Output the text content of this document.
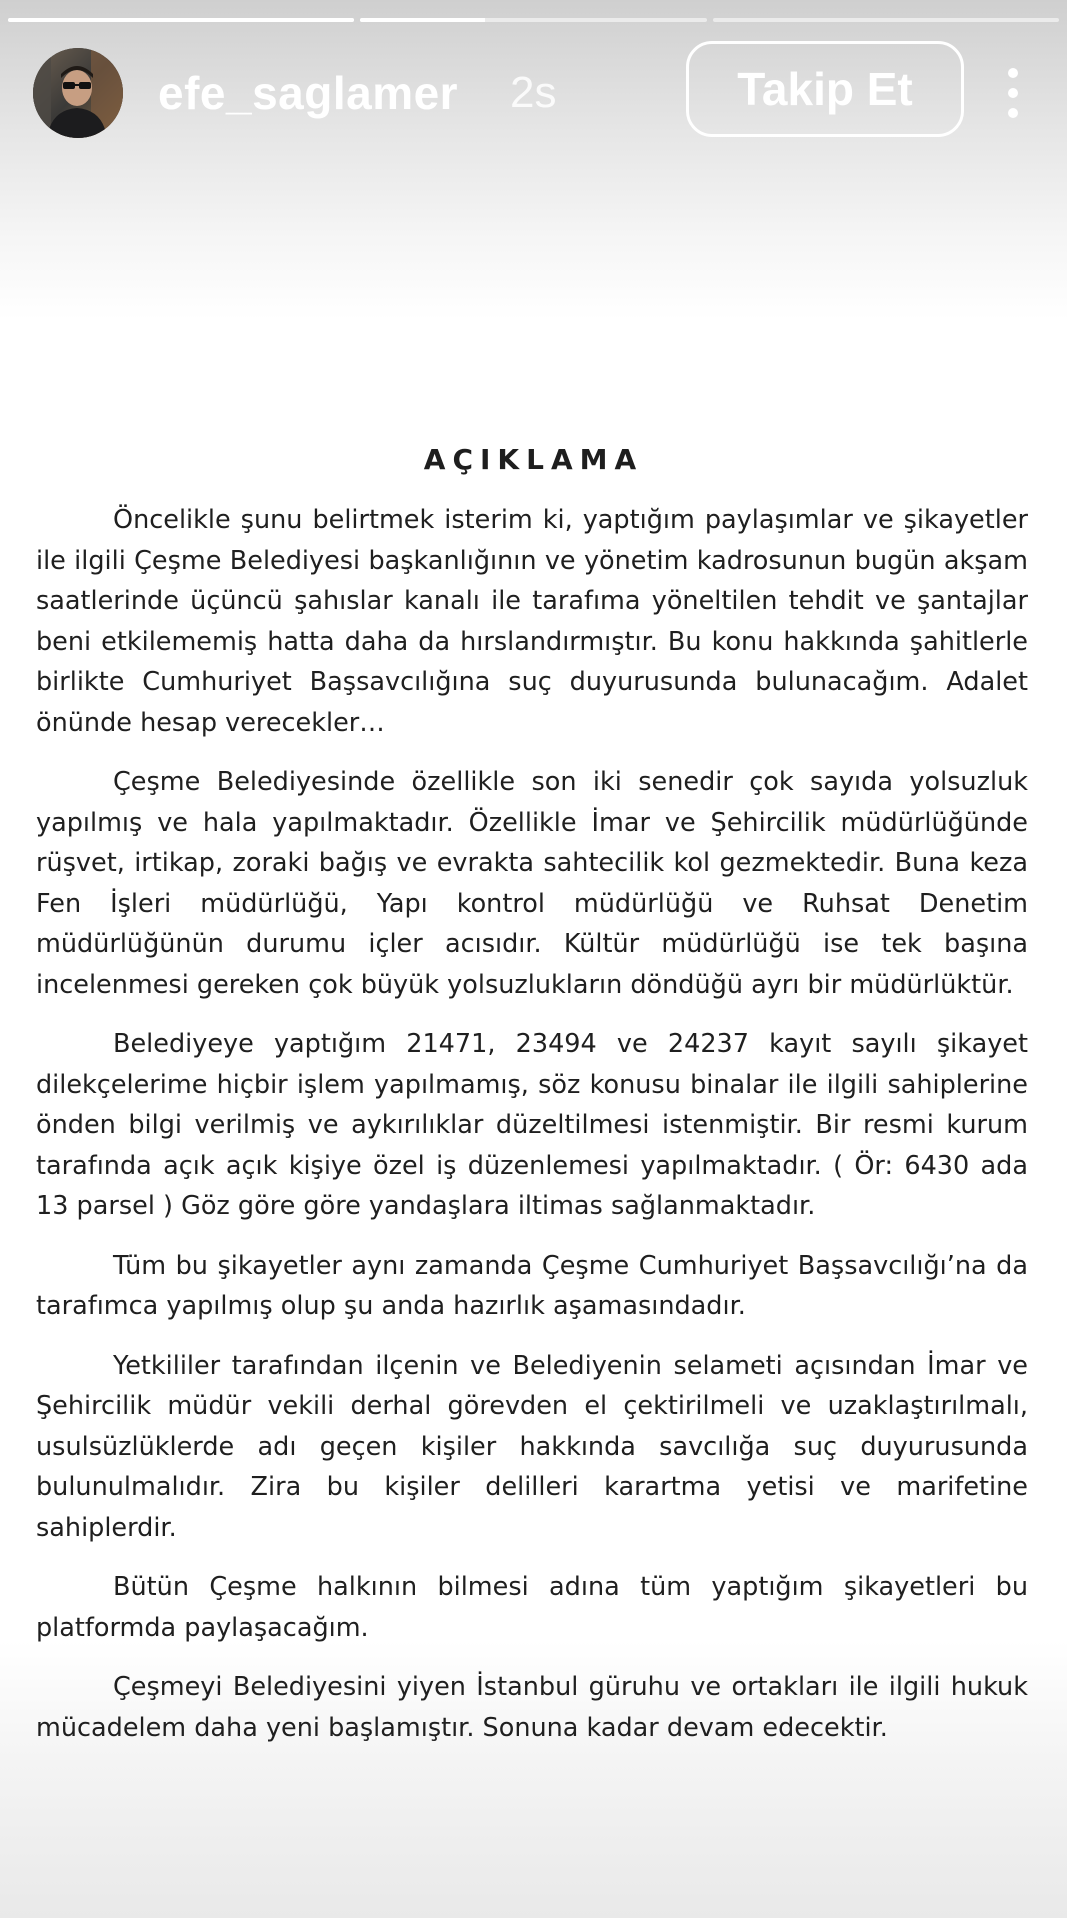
efe_saglamer 2s	Takip Et
AÇIKLAMA

Öncelikle şunu belirtmek isterim ki, yaptığım paylaşımlar ve şikayetler ile ilgili Çeşme Belediyesi başkanlığının ve yönetim kadrosunun bugün akşam saatlerinde üçüncü şahıslar kanalı ile tarafıma yöneltilen tehdit ve şantajlar beni etkilememiş hatta daha da hırslandırmıştır. Bu konu hakkında şahitlerle birlikte Cumhuriyet Başsavcılığına suç duyurusunda bulunacağım. Adalet önünde hesap verecekler…

Çeşme Belediyesinde özellikle son iki senedir çok sayıda yolsuzluk yapılmış ve hala yapılmaktadır. Özellikle İmar ve Şehircilik müdürlüğünde rüşvet, irtikap, zoraki bağış ve evrakta sahtecilik kol gezmektedir. Buna keza Fen İşleri müdürlüğü, Yapı kontrol müdürlüğü ve Ruhsat Denetim müdürlüğünün durumu içler acısıdır. Kültür müdürlüğü ise tek başına incelenmesi gereken çok büyük yolsuzlukların döndüğü ayrı bir müdürlüktür.

Belediyeye yaptığım 21471, 23494 ve 24237 kayıt sayılı şikayet dilekçelerime hiçbir işlem yapılmamış, söz konusu binalar ile ilgili sahiplerine önden bilgi verilmiş ve aykırılıklar düzeltilmesi istenmiştir. Bir resmi kurum tarafında açık açık kişiye özel iş düzenlemesi yapılmaktadır. ( Ör: 6430 ada 13 parsel ) Göz göre göre yandaşlara iltimas sağlanmaktadır.

Tüm bu şikayetler aynı zamanda Çeşme Cumhuriyet Başsavcılığı’na da tarafımca yapılmış olup şu anda hazırlık aşamasındadır.

Yetkililer tarafından ilçenin ve Belediyenin selameti açısından İmar ve Şehircilik müdür vekili derhal görevden el çektirilmeli ve uzaklaştırılmalı, usulsüzlüklerde adı geçen kişiler hakkında savcılığa suç duyurusunda bulunulmalıdır. Zira bu kişiler delilleri karartma yetisi ve marifetine sahiplerdir.

Bütün Çeşme halkının bilmesi adına tüm yaptığım şikayetleri bu platformda paylaşacağım.

Çeşmeyi Belediyesini yiyen İstanbul güruhu ve ortakları ile ilgili hukuk mücadelem daha yeni başlamıştır. Sonuna kadar devam edecektir.
